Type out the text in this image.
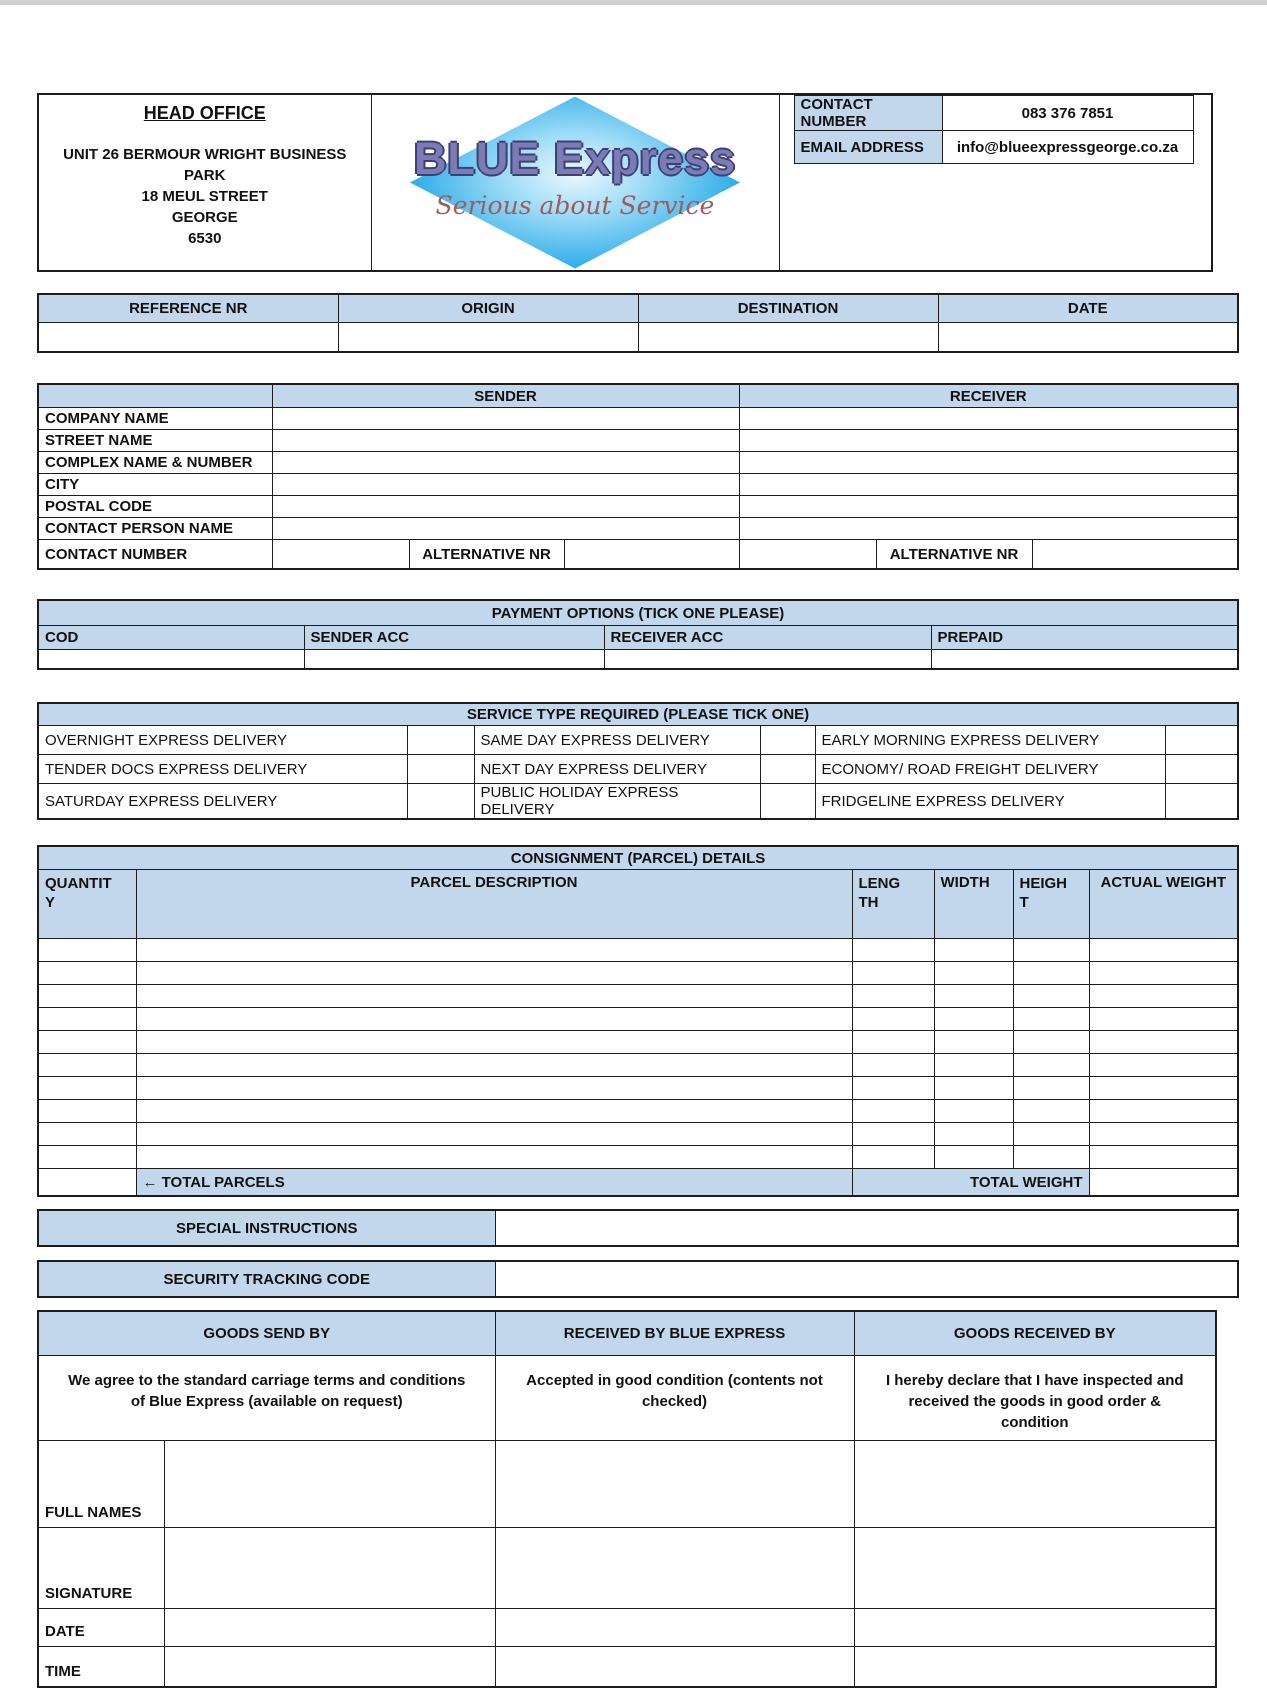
HEAD OFFICE
UNIT 26 BERMOUR WRIGHT BUSINESS PARK
18 MEUL STREET
GEORGE
6530

BLUE Express
Serious about Service

CONTACT NUMBER	083 376 7851
EMAIL ADDRESS	info@blueexpressgeorge.co.za
REFERENCE NR	ORIGIN	DESTINATION	DATE

	SENDER			RECEIVER		
COMPANY NAME						
STREET NAME						
COMPLEX NAME & NUMBER						
CITY						
POSTAL CODE						
CONTACT PERSON NAME						
CONTACT NUMBER		ALTERNATIVE NR			ALTERNATIVE NR	
PAYMENT OPTIONS (TICK ONE PLEASE)			
COD	SENDER ACC	RECEIVER ACC	PREPAID

SERVICE TYPE REQUIRED (PLEASE TICK ONE)					
OVERNIGHT EXPRESS DELIVERY		SAME DAY EXPRESS DELIVERY		EARLY MORNING EXPRESS DELIVERY	
TENDER DOCS EXPRESS DELIVERY		NEXT DAY EXPRESS DELIVERY		ECONOMY/ ROAD FREIGHT DELIVERY	
SATURDAY EXPRESS DELIVERY		PUBLIC HOLIDAY EXPRESS DELIVERY		FRIDGELINE EXPRESS DELIVERY	
CONSIGNMENT (PARCEL) DETAILS					
QUANTITY	PARCEL DESCRIPTION	LENGTH	WIDTH	HEIGHT	ACTUAL WEIGHT

	← TOTAL PARCELS	TOTAL WEIGHT			
SPECIAL INSTRUCTIONS	
SECURITY TRACKING CODE	
GOODS SEND BY		RECEIVED BY BLUE EXPRESS	GOODS RECEIVED BY
We agree to the standard carriage terms and conditions of Blue Express (available on request)		Accepted in good condition (contents not checked)	I hereby declare that I have inspected and received the goods in good order & condition
FULL NAMES			
SIGNATURE			
DATE			
TIME			
